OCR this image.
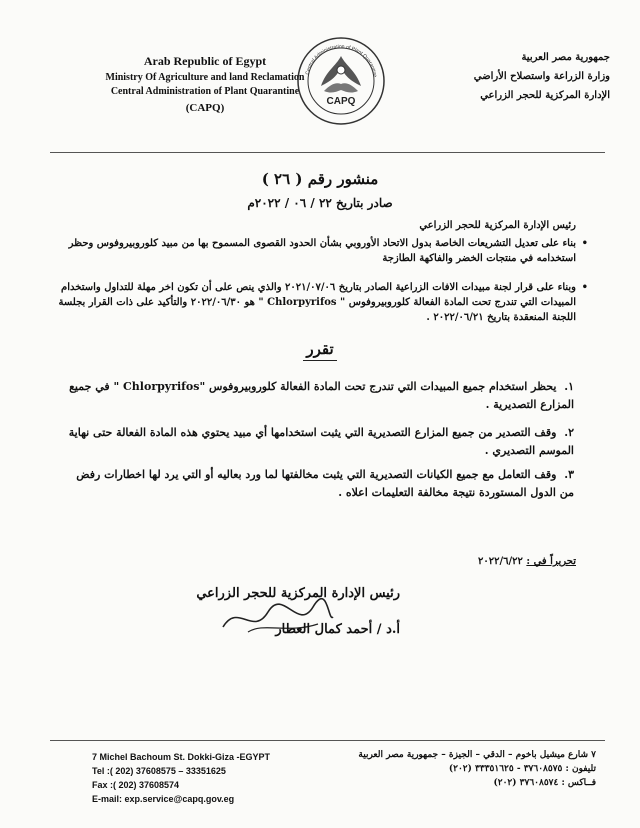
Arab Republic of Egypt
Ministry Of Agriculture and land Reclamation
Central Administration of Plant Quarantine
(CAPQ)
CAPQ
Central Administration of Plant Quarantine
جمهورية مصر العربية
وزارة الزراعة واستصلاح الأراضي
الإدارة المركزية للحجر الزراعي
منشور رقم ( ٢٦ )
صادر بتاريخ ٢٢ / ٠٦ / ٢٠٢٢م
رئيس الإدارة المركزية للحجر الزراعي
•
بناء على تعديل التشريعات الخاصة بدول الاتحاد الأوروبي بشأن الحدود القصوى المسموح بها من مبيد كلوروبيروفوس وحظر استخدامه في منتجات الخضر والفاكهة الطازجة
•
وبناء على قرار لجنة مبيدات الافات الزراعية الصادر بتاريخ ٢٠٢١/٠٧/٠٦ والذي ينص على أن تكون اخر مهلة للتداول واستخدام المبيدات التي تندرج تحت المادة الفعالة كلوروبيروفوس " Chlorpyrifos " هو ٢٠٢٢/٠٦/٣٠ والتأكيد على ذات القرار بجلسة اللجنة المنعقدة بتاريخ ٢٠٢٢/٠٦/٢١ .
تقرر
١. يحظر استخدام جميع المبيدات التي تندرج تحت المادة الفعالة كلوروبيروفوس "Chlorpyrifos " في جميع المزارع التصديرية .
٢. وقف التصدير من جميع المزارع التصديرية التي يثبت استخدامها أي مبيد يحتوي هذه المادة الفعالة حتى نهاية الموسم التصديري .
٣. وقف التعامل مع جميع الكيانات التصديرية التي يثبت مخالفتها لما ورد بعاليه أو التي يرد لها اخطارات رفض من الدول المستوردة نتيجة مخالفة التعليمات اعلاه .
تحريراً في : ٢٠٢٢/٦/٢٢
رئيس الإدارة المركزية للحجر الزراعي
أ.د / أحمد كمال العطار
7 Michel Bachoum St. Dokki-Giza -EGYPT
Tel :( 202) 37608575 – 33351625
Fax :( 202) 37608574
E-mail: exp.service@capq.gov.eg
٧ شارع ميشيل باخوم – الدقي – الجيزة – جمهورية مصر العربية
تليفون : ٣٧٦٠٨٥٧٥ - ٣٣٣٥١٦٢٥ (٢٠٢)
فــاكس : ٣٧٦٠٨٥٧٤ (٢٠٢)
